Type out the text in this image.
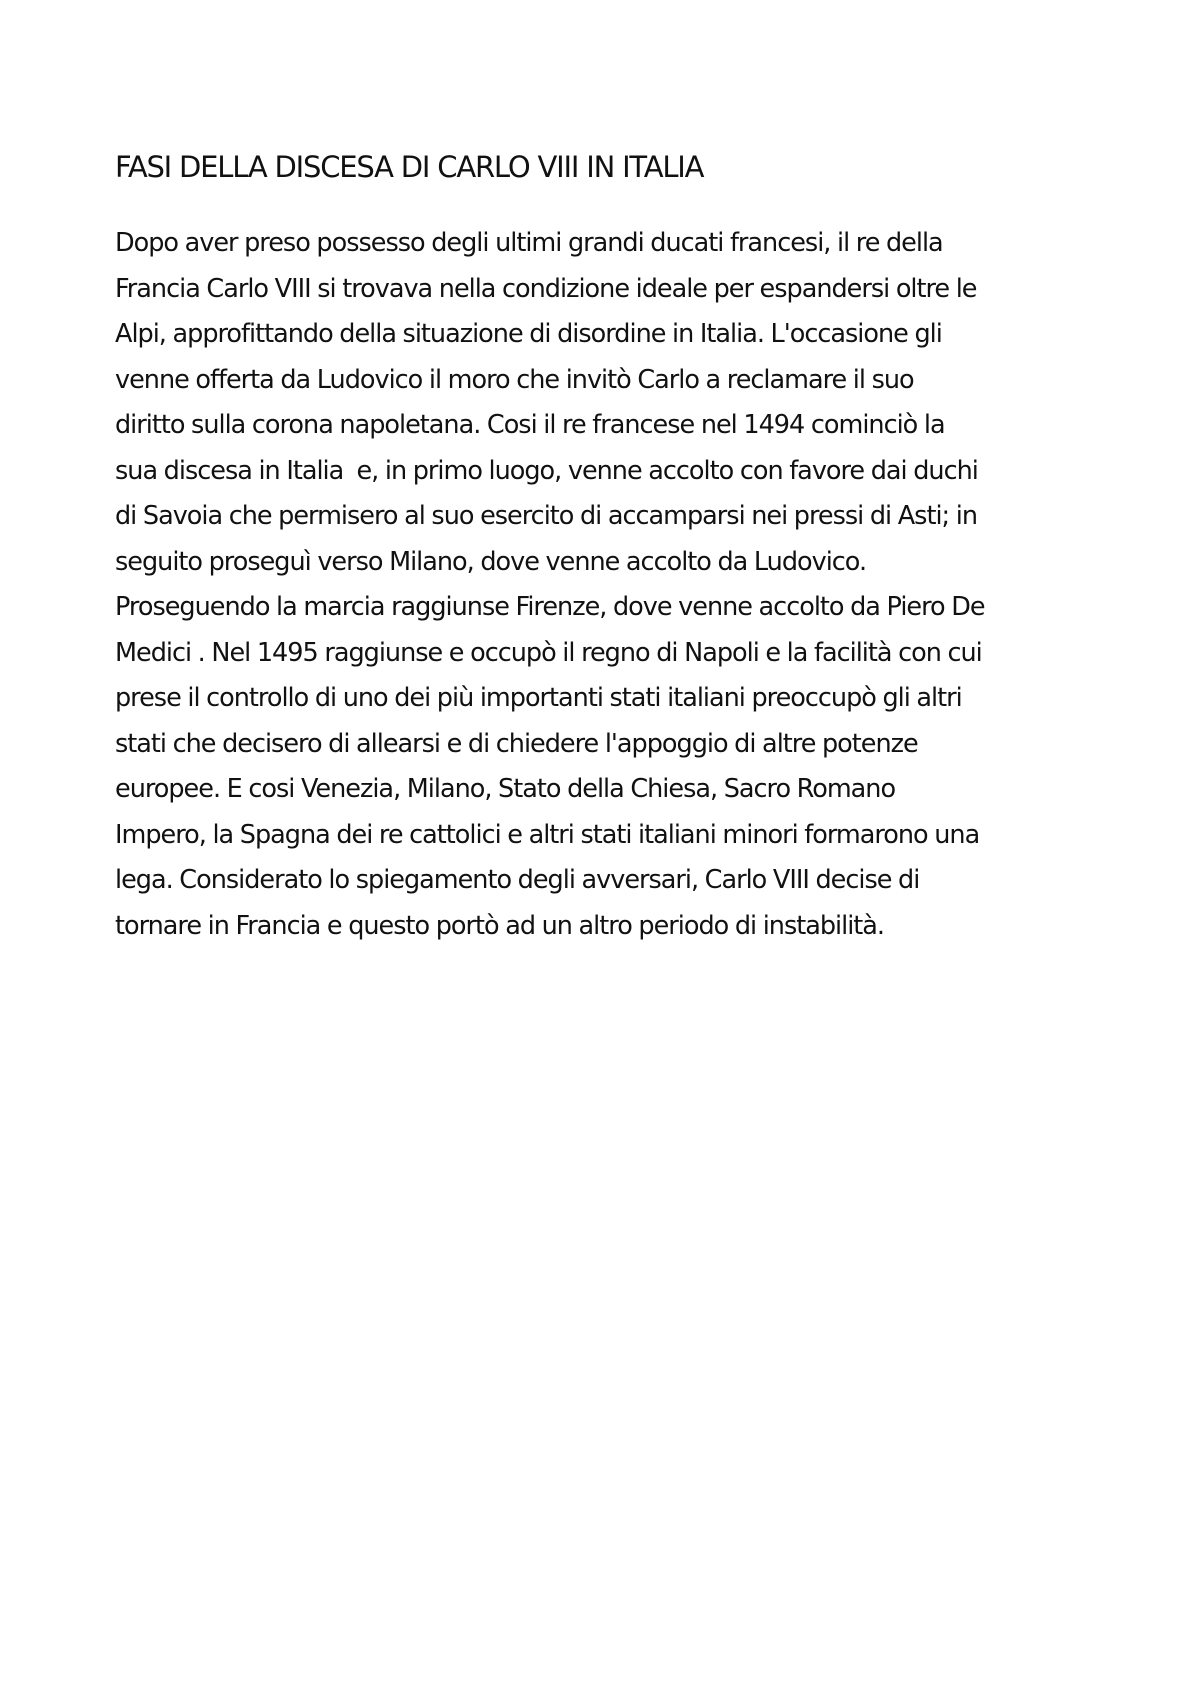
FASI DELLA DISCESA DI CARLO VIII IN ITALIA
Dopo aver preso possesso degli ultimi grandi ducati francesi, il re della
Francia Carlo VIII si trovava nella condizione ideale per espandersi oltre le
Alpi, approfittando della situazione di disordine in Italia. L'occasione gli
venne offerta da Ludovico il moro che invitò Carlo a reclamare il suo
diritto sulla corona napoletana. Cosi il re francese nel 1494 cominciò la
sua discesa in Italia  e, in primo luogo, venne accolto con favore dai duchi
di Savoia che permisero al suo esercito di accamparsi nei pressi di Asti; in
seguito proseguì verso Milano, dove venne accolto da Ludovico.
Proseguendo la marcia raggiunse Firenze, dove venne accolto da Piero De
Medici . Nel 1495 raggiunse e occupò il regno di Napoli e la facilità con cui
prese il controllo di uno dei più importanti stati italiani preoccupò gli altri
stati che decisero di allearsi e di chiedere l'appoggio di altre potenze
europee. E cosi Venezia, Milano, Stato della Chiesa, Sacro Romano
Impero, la Spagna dei re cattolici e altri stati italiani minori formarono una
lega. Considerato lo spiegamento degli avversari, Carlo VIII decise di
tornare in Francia e questo portò ad un altro periodo di instabilità.
